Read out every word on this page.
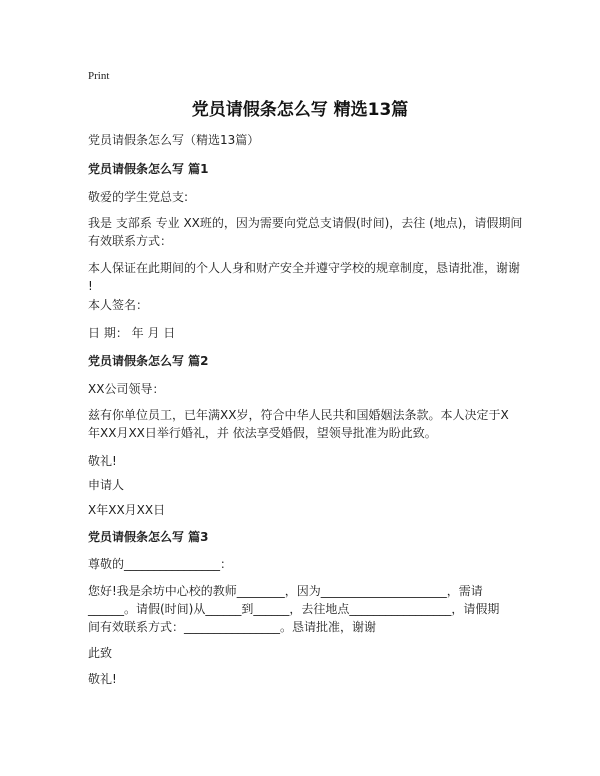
Print
党员请假条怎么写 精选13篇
党员请假条怎么写（精选13篇）
党员请假条怎么写 篇1
敬爱的学生党总支:
我是 支部系 专业 XX班的，因为需要向党总支请假(时间)，去往 (地点)，请假期间
有效联系方式：
本人保证在此期间的个人人身和财产安全并遵守学校的规章制度，恳请批准，谢谢
!
本人签名：
日 期： 年 月 日
党员请假条怎么写 篇2
XX公司领导：
兹有你单位员工，已年满XX岁，符合中华人民共和国婚姻法条款。本人决定于X
年XX月XX日举行婚礼，并 依法享受婚假，望领导批准为盼此致。
敬礼!
申请人
X年XX月XX日
党员请假条怎么写 篇3
尊敬的________________：
您好!我是余坊中心校的教师________，因为_____________________，需请
______。请假(时间)从______到______，去往地点_________________，请假期
间有效联系方式：________________。恳请批准，谢谢
此致
敬礼!
